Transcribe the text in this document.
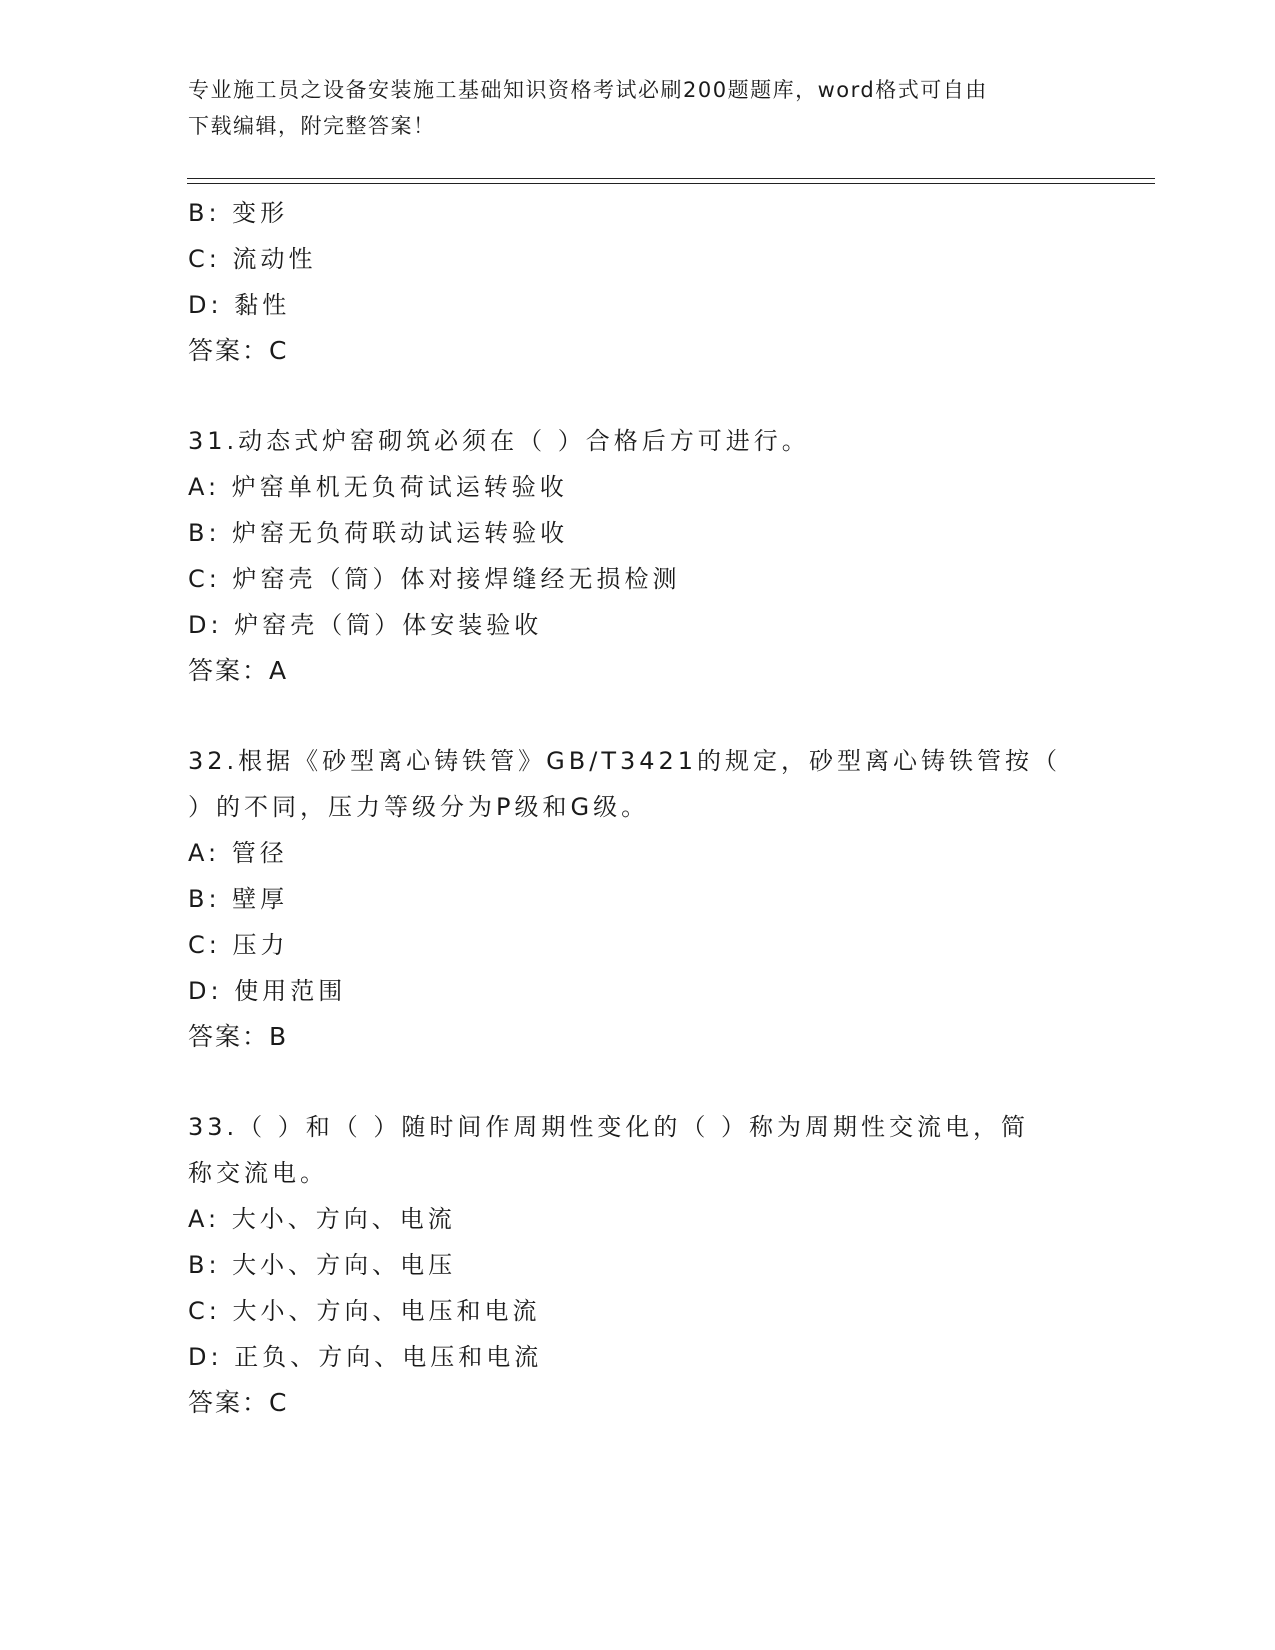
专业施工员之设备安装施工基础知识资格考试必刷200题题库，word格式可自由
下载编辑，附完整答案！
B: 变形
C: 流动性
D: 黏性
答案：C
31.动态式炉窑砌筑必须在（ ）合格后方可进行。
A: 炉窑单机无负荷试运转验收
B: 炉窑无负荷联动试运转验收
C: 炉窑壳（筒）体对接焊缝经无损检测
D: 炉窑壳（筒）体安装验收
答案：A
32.根据《砂型离心铸铁管》GB/T3421的规定，砂型离心铸铁管按（
）的不同，压力等级分为P级和G级。
A: 管径
B: 壁厚
C: 压力
D: 使用范围
答案：B
33.（ ）和（ ）随时间作周期性变化的（ ）称为周期性交流电，简
称交流电。
A: 大小、方向、电流
B: 大小、方向、电压
C: 大小、方向、电压和电流
D: 正负、方向、电压和电流
答案：C
